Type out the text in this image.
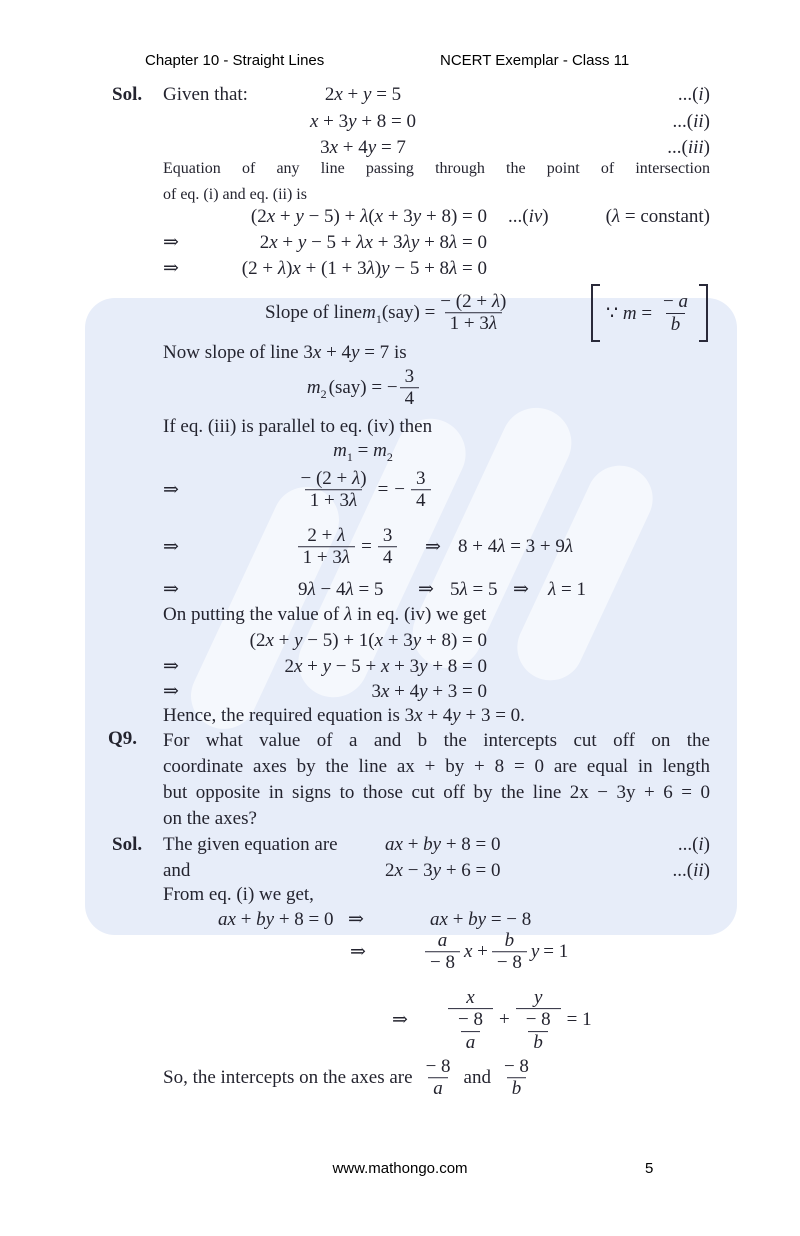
Chapter 10 - Straight Lines	NCERT Exemplar - Class 11
Sol. Given that:	2x + y = 5	...(i)
x + 3y + 8 = 0	...(ii)
3x + 4y = 7	...(iii)
Equation of any line passing through the point of intersection
of eq. (i) and eq. (ii) is
(2x + y − 5) + λ(x + 3y + 8) = 0 ...(iv)	(λ = constant)
⇒	2x + y − 5 + λx + 3λy + 8λ = 0
⇒	(2 + λ)x + (1 + 3λ)y − 5 + 8λ = 0
Slope of line $m_1$ $(say) = \frac{- (2 + \lambda)}{1 + 3\lambda}$	∵ $m = \frac{- a}{b}$
Now slope of line 3x + 4y = 7 is
$m_2$ (say) = − $\frac{3}{4}$
If eq. (iii) is parallel to eq. (iv) then
$m_1 = m_2$
⇒	$\frac{- (2 + \lambda)}{1 + 3\lambda}$ = − $\frac{3}{4}$
⇒	$\frac{2 + \lambda}{1 + 3\lambda} = \frac{3}{4}$ ⇒ 8 + 4λ = 3 + 9λ
⇒	9λ − 4λ = 5 ⇒ 5λ = 5 ⇒ λ = 1
On putting the value of λ in eq. (iv) we get
(2x + y − 5) + 1(x + 3y + 8) = 0
⇒	2x + y − 5 + x + 3y + 8 = 0
⇒	3x + 4y + 3 = 0
Hence, the required equation is 3x + 4y + 3 = 0.
Q9. For what value of a and b the intercepts cut off on the
coordinate axes by the line ax + by + 8 = 0 are equal in length
but opposite in signs to those cut off by the line 2x − 3y + 6 = 0
on the axes?
Sol. The given equation are ax + by + 8 = 0	...(i)
and	2x − 3y + 6 = 0	...(ii)
From eq. (i) we get,
ax + by + 8 = 0 ⇒	ax + by = − 8
⇒	$\frac{a}{- 8}$ $x + \frac{b}{- 8}$ y = 1
⇒ $\frac{x}{\frac{- 8}{a}} + \frac{y}{\frac{- 8}{b}} = 1$
So, the intercepts on the axes are $\frac{- 8}{a}$ and $\frac{- 8}{b}$
www.mathongo.com	5
